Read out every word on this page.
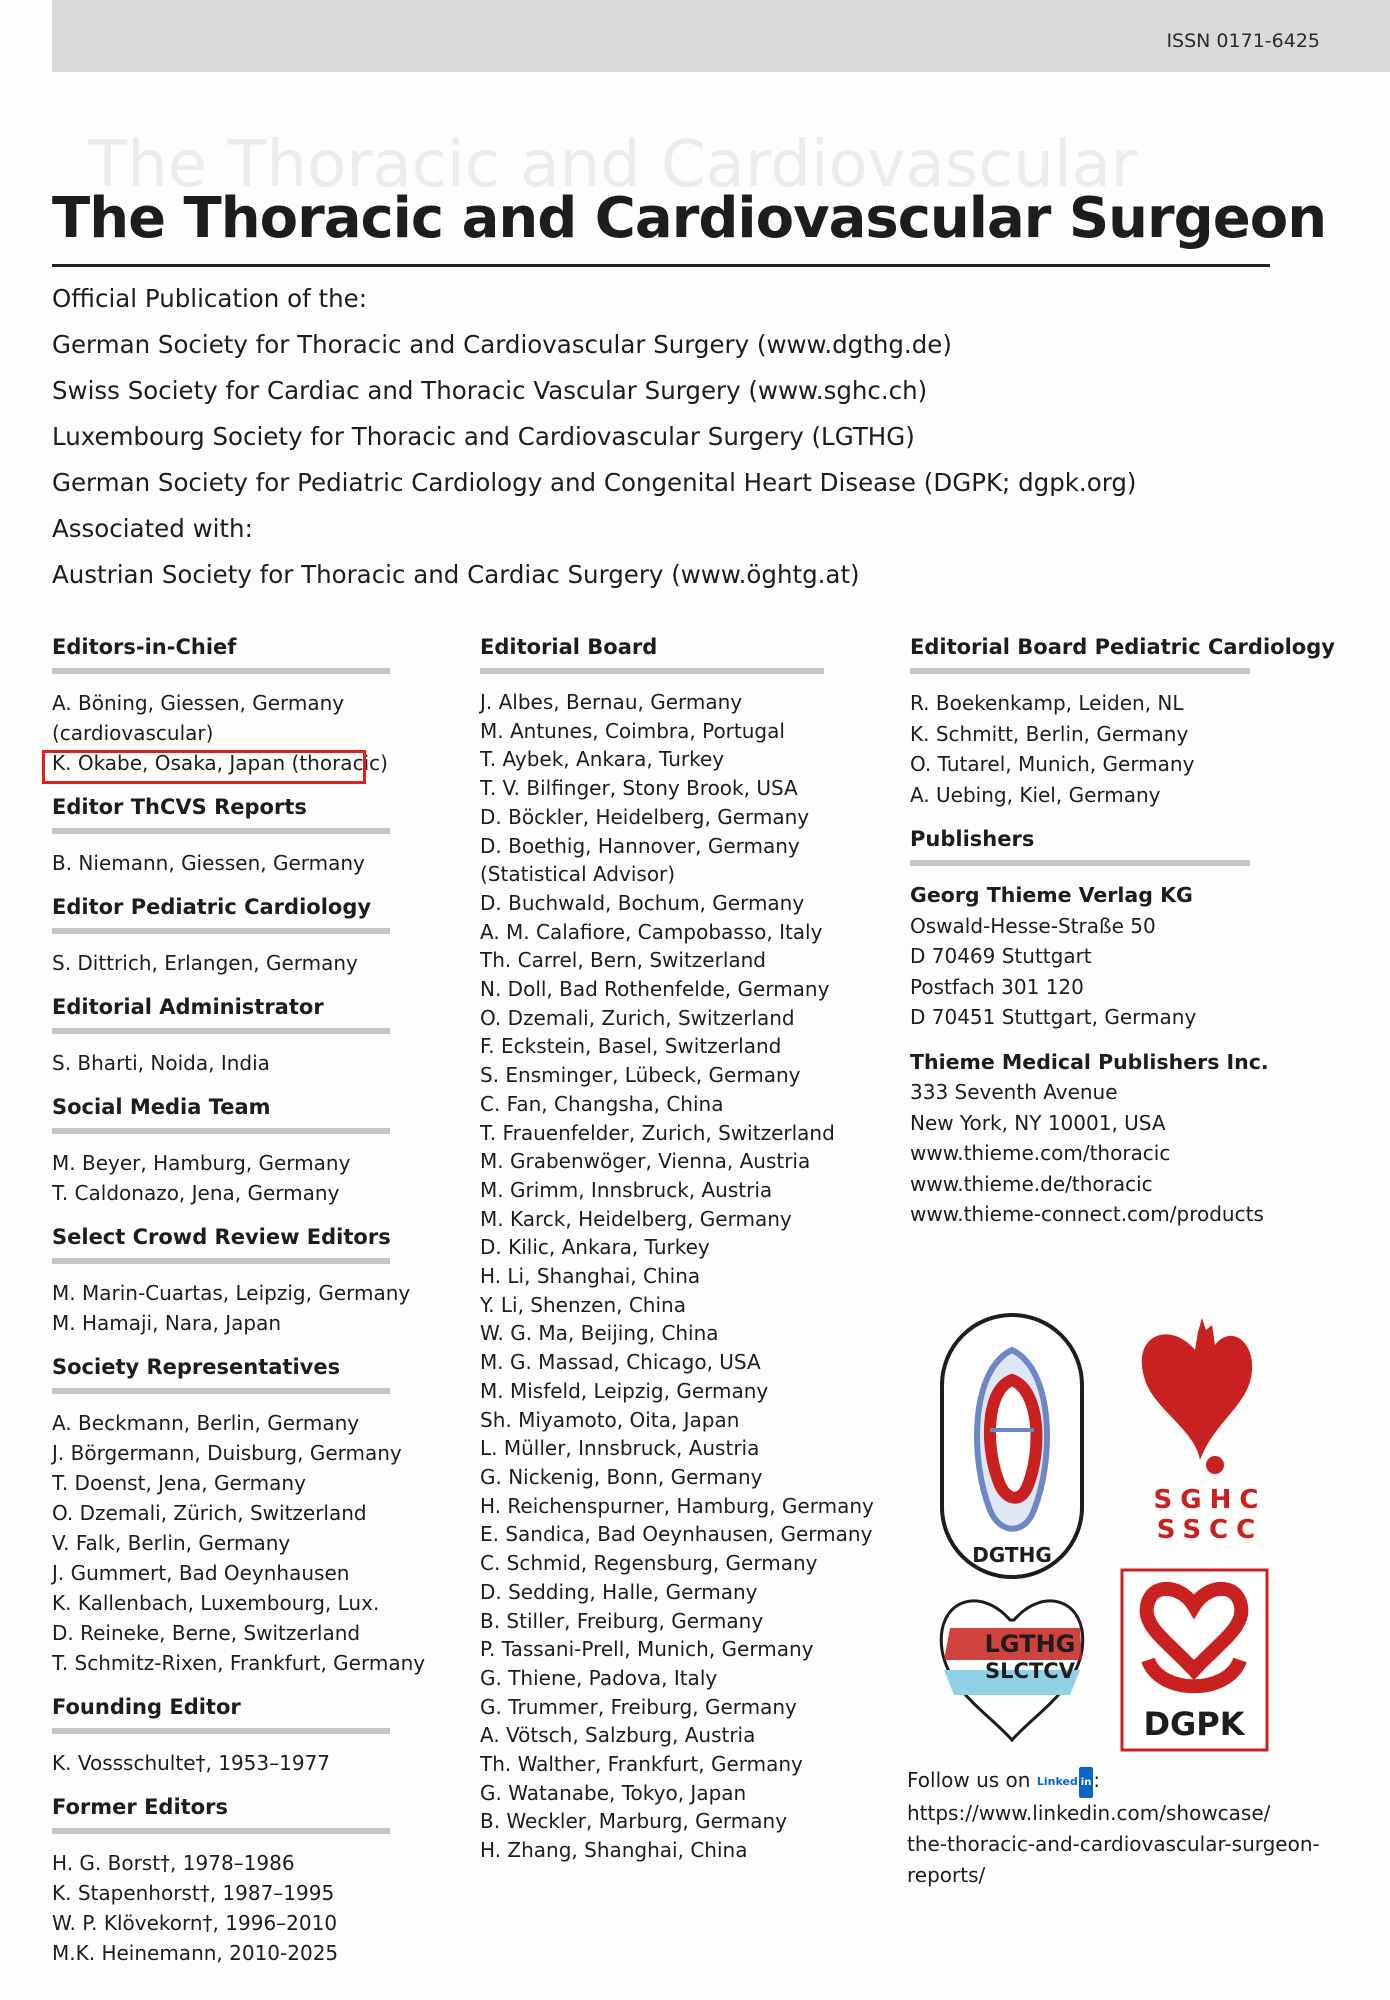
ISSN 0171-6425
The Thoracic and Cardiovascular
The Thoracic and Cardiovascular Surgeon
Official Publication of the:
German Society for Thoracic and Cardiovascular Surgery (www.dgthg.de)
Swiss Society for Cardiac and Thoracic Vascular Surgery (www.sghc.ch)
Luxembourg Society for Thoracic and Cardiovascular Surgery (LGTHG)
German Society for Pediatric Cardiology and Congenital Heart Disease (DGPK; dgpk.org)
Associated with:
Austrian Society for Thoracic and Cardiac Surgery (www.öghtg.at)
Editors-in-Chief
A. Böning, Giessen, Germany
(cardiovascular)
K. Okabe, Osaka, Japan (thoracic)
Editor ThCVS Reports
B. Niemann, Giessen, Germany
Editor Pediatric Cardiology
S. Dittrich, Erlangen, Germany
Editorial Administrator
S. Bharti, Noida, India
Social Media Team
M. Beyer, Hamburg, Germany
T. Caldonazo, Jena, Germany
Select Crowd Review Editors
M. Marin-Cuartas, Leipzig, Germany
M. Hamaji, Nara, Japan
Society Representatives
A. Beckmann, Berlin, Germany
J. Börgermann, Duisburg, Germany
T. Doenst, Jena, Germany
O. Dzemali, Zürich, Switzerland
V. Falk, Berlin, Germany
J. Gummert, Bad Oeynhausen
K. Kallenbach, Luxembourg, Lux.
D. Reineke, Berne, Switzerland
T. Schmitz-Rixen, Frankfurt, Germany
Founding Editor
K. Vossschulte†, 1953–1977
Former Editors
H. G. Borst†, 1978–1986
K. Stapenhorst†, 1987–1995
W. P. Klövekorn†, 1996–2010
M.K. Heinemann, 2010-2025
Editorial Board
J. Albes, Bernau, Germany
M. Antunes, Coimbra, Portugal
T. Aybek, Ankara, Turkey
T. V. Bilfinger, Stony Brook, USA
D. Böckler, Heidelberg, Germany
D. Boethig, Hannover, Germany
(Statistical Advisor)
D. Buchwald, Bochum, Germany
A. M. Calafiore, Campobasso, Italy
Th. Carrel, Bern, Switzerland
N. Doll, Bad Rothenfelde, Germany
O. Dzemali, Zurich, Switzerland
F. Eckstein, Basel, Switzerland
S. Ensminger, Lübeck, Germany
C. Fan, Changsha, China
T. Frauenfelder, Zurich, Switzerland
M. Grabenwöger, Vienna, Austria
M. Grimm, Innsbruck, Austria
M. Karck, Heidelberg, Germany
D. Kilic, Ankara, Turkey
H. Li, Shanghai, China
Y. Li, Shenzen, China
W. G. Ma, Beijing, China
M. G. Massad, Chicago, USA
M. Misfeld, Leipzig, Germany
Sh. Miyamoto, Oita, Japan
L. Müller, Innsbruck, Austria
G. Nickenig, Bonn, Germany
H. Reichenspurner, Hamburg, Germany
E. Sandica, Bad Oeynhausen, Germany
C. Schmid, Regensburg, Germany
D. Sedding, Halle, Germany
B. Stiller, Freiburg, Germany
P. Tassani-Prell, Munich, Germany
G. Thiene, Padova, Italy
G. Trummer, Freiburg, Germany
A. Vötsch, Salzburg, Austria
Th. Walther, Frankfurt, Germany
G. Watanabe, Tokyo, Japan
B. Weckler, Marburg, Germany
H. Zhang, Shanghai, China
Editorial Board Pediatric Cardiology
R. Boekenkamp, Leiden, NL
K. Schmitt, Berlin, Germany
O. Tutarel, Munich, Germany
A. Uebing, Kiel, Germany
Publishers
Georg Thieme Verlag KG
Oswald-Hesse-Straße 50
D 70469 Stuttgart
Postfach 301 120
D 70451 Stuttgart, Germany
Thieme Medical Publishers Inc.
333 Seventh Avenue
New York, NY 10001, USA
www.thieme.com/thoracic
www.thieme.de/thoracic
www.thieme-connect.com/products
DGTHG
SGHC
SSCC
LGTHG
SLCTCV
DGPK
Follow us on Linked in :
https://www.linkedin.com/showcase/
the-thoracic-and-cardiovascular-surgeon-
reports/
